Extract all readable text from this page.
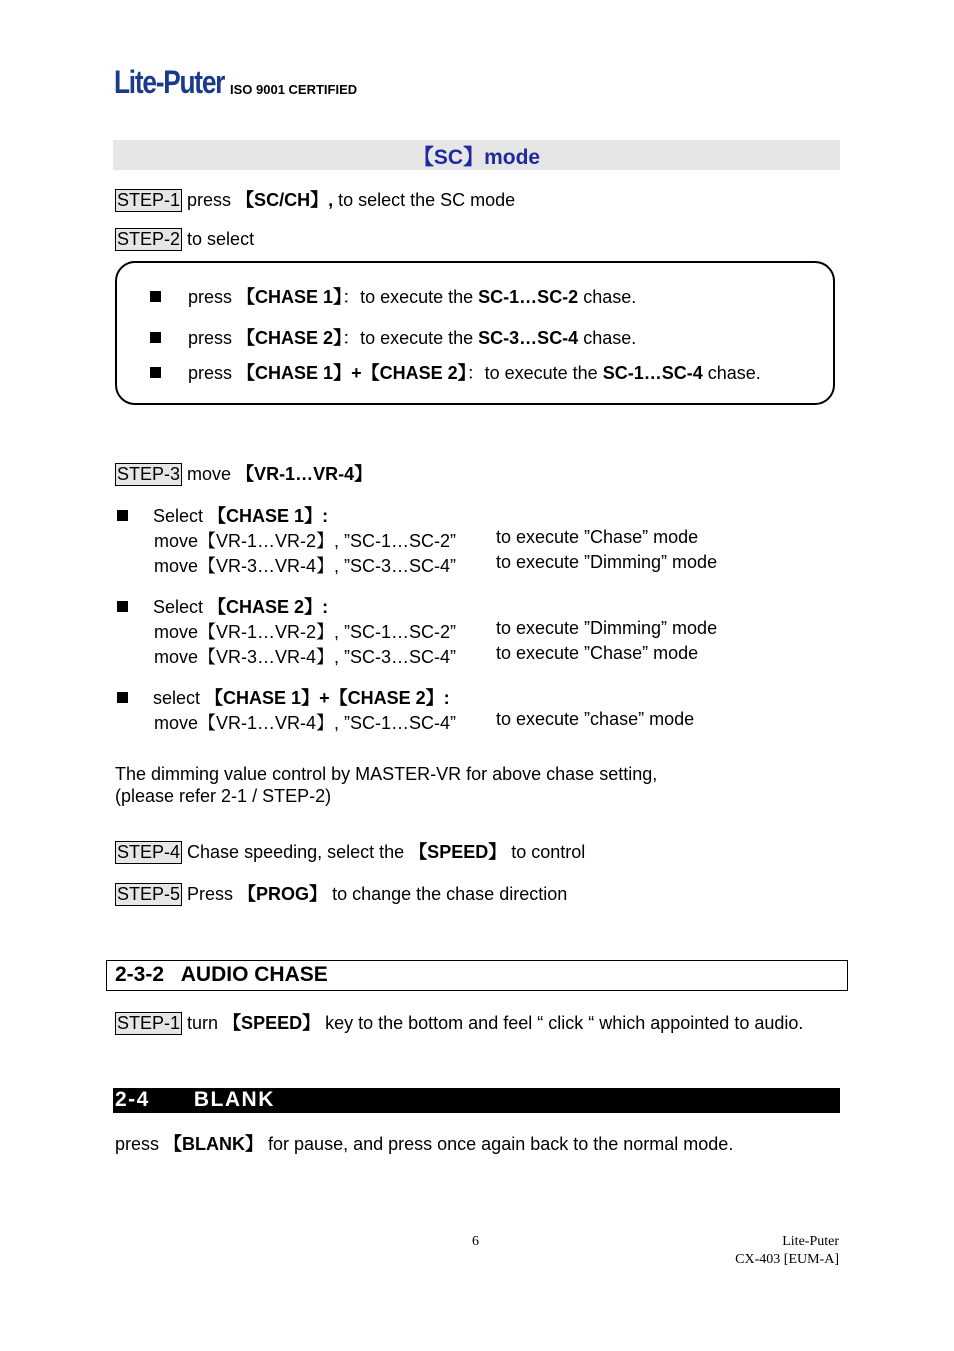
Lite-Puter ISO 9001 CERTIFIED
【SC】mode
STEP-1 press 【SC/CH】, to select the SC mode
STEP-2 to select
press 【CHASE 1】：to execute the SC-1…SC-2 chase.
press 【CHASE 2】：to execute the SC-3…SC-4 chase.
press 【CHASE 1】+【CHASE 2】：to execute the SC-1…SC-4 chase.
STEP-3 move 【VR-1…VR-4】
Select 【CHASE 1】:
move【VR-1…VR-2】, ”SC-1…SC-2” to execute ”Chase” mode
move【VR-3…VR-4】, ”SC-3…SC-4” to execute ”Dimming” mode
Select 【CHASE 2】:
move【VR-1…VR-2】, ”SC-1…SC-2” to execute ”Dimming” mode
move【VR-3…VR-4】, ”SC-3…SC-4” to execute ”Chase” mode
select 【CHASE 1】+【CHASE 2】:
move【VR-1…VR-4】, ”SC-1…SC-4” to execute ”chase” mode
The dimming value control by MASTER-VR for above chase setting,
(please refer 2-1 / STEP-2)
STEP-4 Chase speeding, select the 【SPEED】 to control
STEP-5 Press 【PROG】 to change the chase direction
2-3-2 AUDIO CHASE
STEP-1 turn 【SPEED】 key to the bottom and feel “ click “ which appointed to audio.
2-4 BLANK
press 【BLANK】 for pause, and press once again back to the normal mode.
6	Lite-Puter
CX-403 [EUM-A]
